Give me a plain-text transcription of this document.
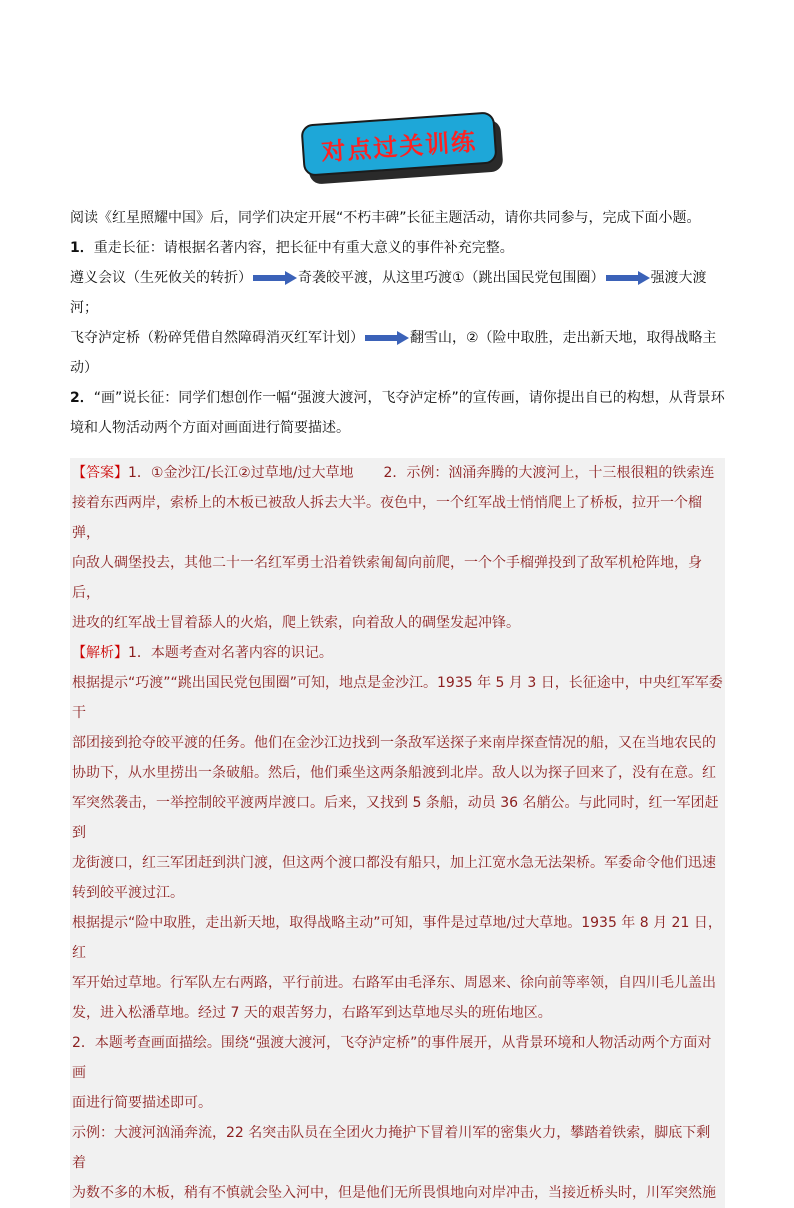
对点过关训练

阅读《红星照耀中国》后，同学们决定开展“不朽丰碑”长征主题活动，请你共同参与，完成下面小题。

1．重走长征：请根据名著内容，把长征中有重大意义的事件补充完整。

遵义会议（生死攸关的转折）	奇袭皎平渡，从这里巧渡①（跳出国民党包围圈）	强渡大渡河；

飞夺泸定桥（粉碎凭借自然障碍消灭红军计划）	翻雪山，②（险中取胜，走出新天地，取得战略主

动）

2．“画”说长征：同学们想创作一幅“强渡大渡河，飞夺泸定桥”的宣传画，请你提出自已的构想，从背景环

境和人物活动两个方面对画面进行简要描述。

【答案】1．①金沙江/长江②过草地/过大草地 2．示例：汹涌奔腾的大渡河上，十三根很粗的铁索连

接着东西两岸，索桥上的木板已被敌人拆去大半。夜色中，一个红军战士悄悄爬上了桥板，拉开一个榴弹，

向敌人碉堡投去，其他二十一名红军勇士沿着铁索匍匐向前爬，一个个手榴弹投到了敌军机枪阵地，身后，

进攻的红军战士冒着舔人的火焰，爬上铁索，向着敌人的碉堡发起冲锋。

【解析】1．本题考查对名著内容的识记。

根据提示“巧渡”“跳出国民党包围圈”可知，地点是金沙江。1935 年 5 月 3 日，长征途中，中央红军军委干

部团接到抢夺皎平渡的任务。他们在金沙江边找到一条敌军送探子来南岸探查情况的船，又在当地农民的

协助下，从水里捞出一条破船。然后，他们乘坐这两条船渡到北岸。敌人以为探子回来了，没有在意。红

军突然袭击，一举控制皎平渡两岸渡口。后来，又找到 5 条船，动员 36 名艄公。与此同时，红一军团赶到

龙街渡口，红三军团赶到洪门渡，但这两个渡口都没有船只，加上江宽水急无法架桥。军委命令他们迅速

转到皎平渡过江。

根据提示“险中取胜，走出新天地，取得战略主动”可知，事件是过草地/过大草地。1935 年 8 月 21 日，红

军开始过草地。行军队左右两路，平行前进。右路军由毛泽东、周恩来、徐向前等率领，自四川毛儿盖出

发，进入松潘草地。经过 7 天的艰苦努力，右路军到达草地尽头的班佑地区。

2．本题考查画面描绘。围绕“强渡大渡河，飞夺泸定桥”的事件展开，从背景环境和人物活动两个方面对画

面进行简要描述即可。

示例：大渡河汹涌奔流，22 名突击队员在全团火力掩护下冒着川军的密集火力，攀踏着铁索，脚底下剩着

为数不多的木板，稍有不慎就会坠入河中，但是他们无所畏惧地向对岸冲击，当接近桥头时，川军突然施
